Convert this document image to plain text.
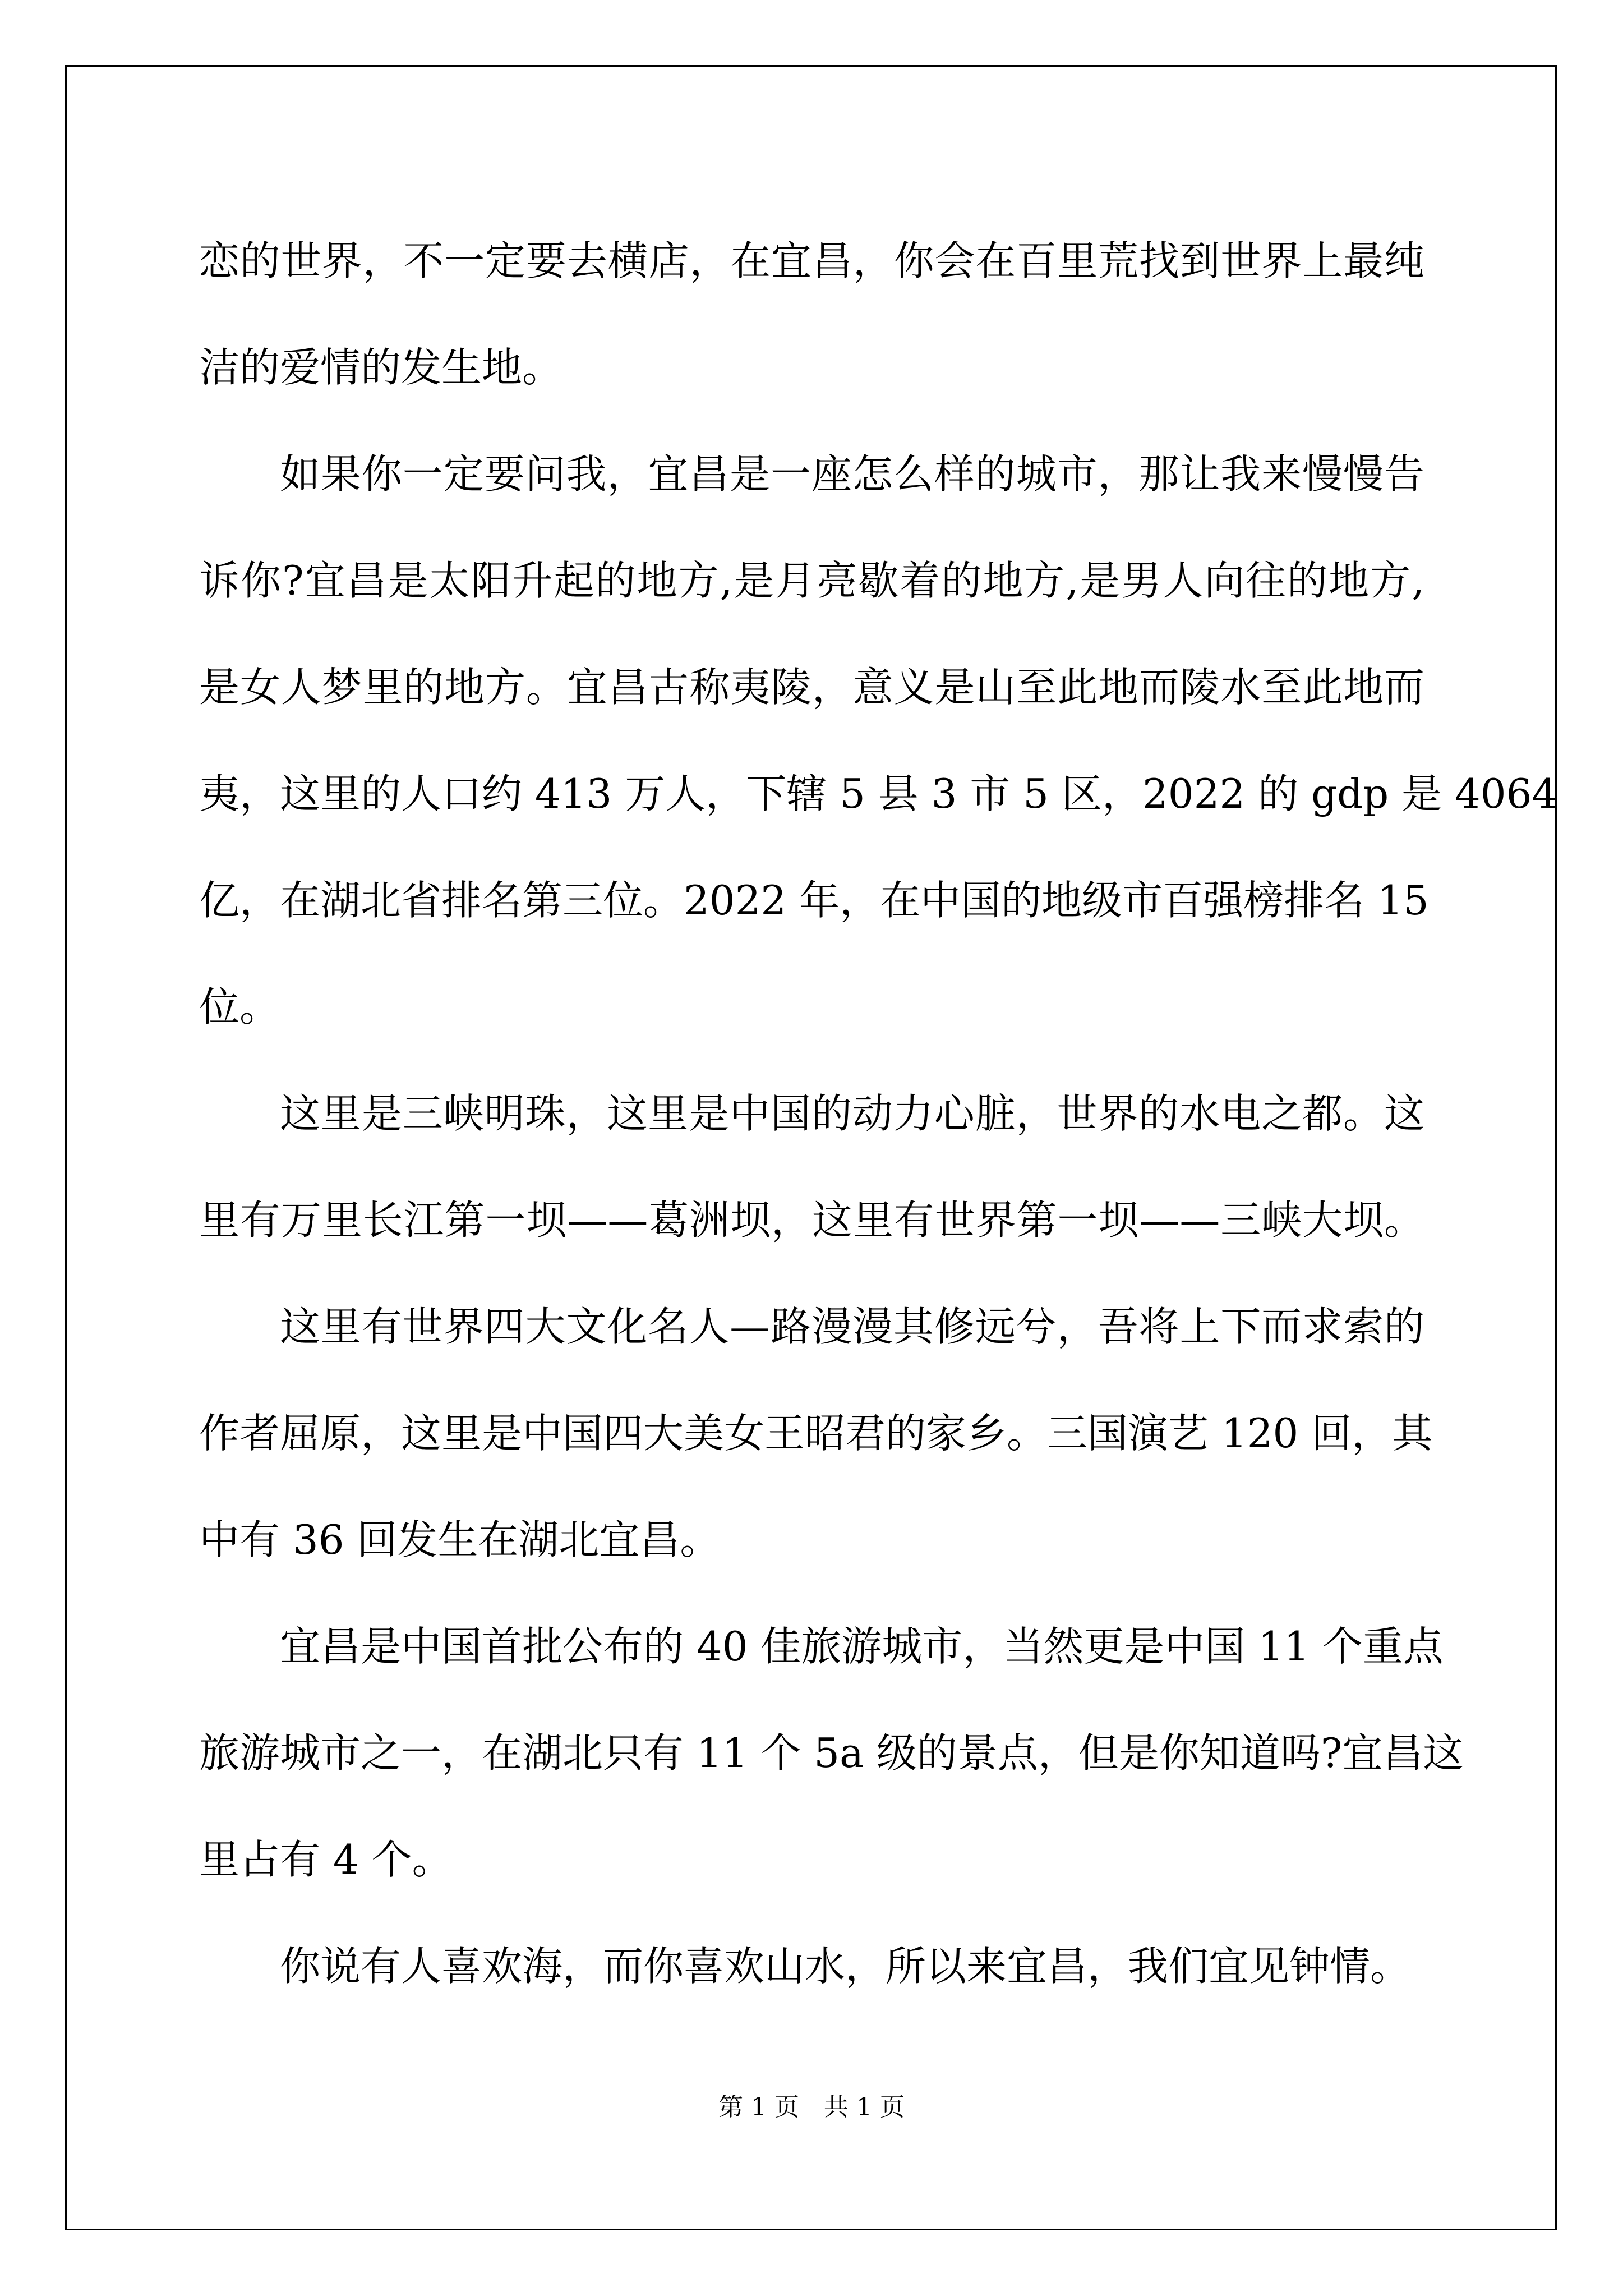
恋的世界，不一定要去横店，在宜昌，你会在百里荒找到世界上最纯
洁的爱情的发生地。
如果你一定要问我，宜昌是一座怎么样的城市，那让我来慢慢告
诉你?宜昌是太阳升起的地方,是月亮歇着的地方,是男人向往的地方,
是女人梦里的地方。宜昌古称夷陵，意义是山至此地而陵水至此地而
夷，这里的人口约 413 万人，下辖 5 县 3 市 5 区，2022 的 gdp 是 4064
亿，在湖北省排名第三位。2022 年，在中国的地级市百强榜排名 15
位。
这里是三峡明珠，这里是中国的动力心脏，世界的水电之都。这
里有万里长江第一坝——葛洲坝，这里有世界第一坝——三峡大坝。
这里有世界四大文化名人—路漫漫其修远兮，吾将上下而求索的
作者屈原，这里是中国四大美女王昭君的家乡。三国演艺 120 回，其
中有 36 回发生在湖北宜昌。
宜昌是中国首批公布的 40 佳旅游城市，当然更是中国 11 个重点
旅游城市之一，在湖北只有 11 个 5a 级的景点，但是你知道吗?宜昌这
里占有 4 个。
你说有人喜欢海，而你喜欢山水，所以来宜昌，我们宜见钟情。
第 1 页　共 1 页
